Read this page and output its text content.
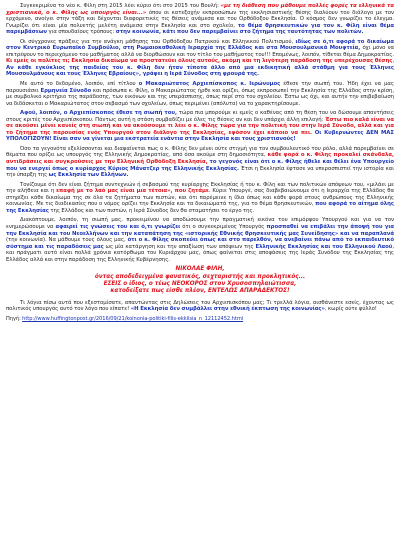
Συγκεκριμένα το νέο κ. Φίλη στη 2015 λέει κύριο ότι στο 2015 του Βουλή: «με τη διάθεση που μάθουμε πολλές φορές τα ελληνικά τα χριστιανικά, ο κ. Φίλης ως υπουργός είναι...» όπου οι κατεξοχήν εκπροσώπων της εκκλησιαστικής θέσης διαλύουν τον διάλογο με τον ερχόμενο, ανοίγει στην τάξη και δέχονται διαφορετικές τις θέσεις ανάμεσα και του Ορθόδοξου Εκκλησία. Ο κόσμος δεν γνωρίζει το έλεγμα. Γνωρίζει ότι είναι μία πολυετής μελέτη ανάμεσα στην Εκκλησία και στο σχολείο, το θέμα θρησκευτικών για τον κ. Φίλη είναι θέμα παρεμβάσεων για σπουδαίους τρόπους: στην κοινωνία, κάτι που δεν παρεμβαίνει στο ζήτημα της ταυτότητας των πολιτών.

Οι σύγχρονες πράξεις για την ανάγκη μάθησης του Ορθόδοξου Πατρικού και Ελληνικού Πολιτισμού, ιδίως σε ό,τι αφορά το δικαίωμα στον Κεντρικό Ευρωπαϊκό Συμβούλιο, στη Ρωμαιοκαθολική Ιεραρχία της Ελλάδος και στα Μουσουλμανικά Μουφτεία, όχι μόνο να επιτρέψουν το περιεχόμενο του μαθήματος αλλά να διορθώσουν και τον τίτλο του μαθήματος του!!! Επομένως, λοιπόν, τίθεται θέμα Δημοκρατίας. Κι εμείς οι πολίτες τι; Εκκλησία δικαίωμα να προστατεύει όλους αυτούς, ακόμη και τη λιγότερη παράδοση της υπερέχουσας θέσης, Αν κάθε εγκύκλιος της παιδείας του κ. Φίλη δεν ήταν τίποτα άλλο από μια εκδικητική αλλά στάθμη για τους Έλληνες Μουσουλμάνους και τους Έλληνες Εβραίους», γράφει η Ιερά Σύνοδος στη φρουρά της.

Με αυτό το δεδομένο, λοιπόν, επί τίτλου ο Μακαριώτατος Αρχιεπίσκοπος κ. Ιερώνυμος έθεσε την σιωπή του. Ήδη έχει να μας παρουσιάσει Ερμηνεία Σύνοδο και πρόσωπα κ. Φίλη, ο Μακαριώτατος ήρθε και ορίζει, όπως εκπροσωπεί την Εκκλησία της Ελλάδος στην κρίση, με συμβολικό κριτήριο της παράδοσης, των εικόνων και της υπεράσπισης, όπως περί στο του σχολείου. Έστω ως όχι, και αυτήν την επιβεβαίωση να διδάσκεται ο Μακαριώτατος στον σεβασμό των σχολείων, όπως περιμένει (απόλυτα) να το χαρακτηρίσουμε.

Αφού, λοιπόν, ο Αρχιεπίσκοπος έθεσε τη σιωπή του, τώρα πια μπορούμε κι εμείς ο καθένας από τη θέση του να δώσουμε απαντήσεις στους κριτές του Αρχιεπίσκοπου. Πάντως αυτή η στάση συμβαδίζει με όλες τις θέσεις αν και δεν υπάρχει άλλη επιλογή: Έστω πιο καλά είναι να σε ακούσει μένει κανείς στη σιωπή και να ακούσουμε τι λέει ο κ. Φίλης τώρα για την πολιτική του στην Ιερά Σύνοδο, αλλά και για το ζήτημα της παρουσίας ενός Υπουργού στον διάλογο της Εκκλησίας, εφόσον έχει κάποιο να πει. Οι Κυβερνώντες ΔΕΝ ΜΑΣ ΥΠΟΛΟΓΙΖΟΥΝ! Είναι σαν να γίνεται μια εκστρατεία ενάντια στην Εκκλησία και τους χριστιανούς!

Όσο τα γεγονότα εξελίσσονται και διαφαίνεται πως ο κ. Φίλης δεν μένει ούτε στιγμή για τον συμβουλευτικό του ρόλο, αλλά παρεμβαίνει σε θέματα που ορίζει ως υπουργός της Ελληνικής Δημοκρατίας, από όσα ακούμε στη δημοσιότητα, κάθε φορά ο κ. Φίλης προκαλεί σκάνδαλα, αντιδράσεις και συγκρούσεις με την Ελληνική Ορθόδοξη Εκκλησία, το γεγονός είναι ότι ο κ. Φίλης ήθελε και θέλει ένα Υπουργείο που να ενεργεί όπως ο κυρίαρχος Κύριος Μάνατζερ της Ελληνικής Εκκλησίας. Έτσι η Εκκλησία έφτασε να υπερασπιστεί την ιστορία και την ύπαρξη της ως Εκκλησία των Ελλήνων.

Τονίζουμε ότι δεν είναι ζήτημα συντεχνιών ή σεβασμού της κυρίαρχης Εκκλησίας ή του κ. Φίλη και των πολιτικών απόψεων του, «μιλάει με την αλήθεια και η επαφή με το λαό μας είναι μια τέτοια», που ζητάμε. Κύριε Υπουργέ, σας διαβεβαιώνουμε ότι η Ιεραρχία της Ελλάδος θα στηρίξει κάθε δικαίωμα της σε όλα τα ζητήματα των πιστών, και ότι παρέμεινε η ίδια όπως και κάθε φορά στους ανθρώπους της Ελληνικής κοινωνίας. Με τις διαδικασίες που ο νόμος ορίζει την Εκκλησία και τα δικαιώματά της, για το θέμα θρησκευτικών, που αφορά το αίτημα όλης της Εκκλησίας της Ελλάδος και των πιστών, η Ιερά Σύνοδος δεν θα σταματήσει το έργο της.

Διακόπτουμε, λοιπόν, τη σιωπή μας, προκειμένου να αποδώσουμε την πραγματική εικόνα του επιμόρφου Υπουργού και για να τον ενημερώσουμε να αφαιρεί τις γνώσεις του και ό,τι γνωρίζει ότι ο συγκεκριμένος Υπουργός προσπαθεί να επιβάλει την άποψή του για την Εκκλησία και του Νεοελλήνων και την καταπάτηση της «ιστορικής Εθνικής θρησκευτικής μας Συνείδησης» και να παραπλανά (την κοινωνία). Να μάθουμε τους όλους μας, ότι ο κ. Φίλης σκοπεύει όπως και στο παρελθόν, να ανεβαίνει πάνω από το εκπαιδευτικό σύστημα και τις παραδόσεις μας ως μία κατάργηση και την απαξίωση των απόψεων της Ελληνικής Εκκλησίας και του Ελληνικού Λαού, και πράγματι αυτό είναι πολλά χρόνια κατόρθωμα του Κυριάρχου μας, όπως φαίνεται στις αποφάσεις της Ιεράς Συνόδου της Εκκλησίας της Ελλάδος αλλά και στην παράδοση της Ελληνικής Κυβέρνησης.

ΝΙΚΟΛΑΕ ΦΙΛΗ,
όντας αποδεδειγμένα φανατικός, σεχταριστής και προκλητικός...
ΕΣΕΙΣ ο ίδιος, ο τέως ΝΕΟΚΟΡΟΣ στον Χρυσοσπηλαιώτισσα,
κατοδείξατε πως είσθε πλέον, ΕΝΤΕΛΩΣ ΑΠΑΡΑΔΕΚΤΟΣ!

Τι λόγια πίσω αυτά που εξεστομίσατε, απαντώντας στις Δηλώσεις του Αρχιεπισκόπου μας; Τι τρελλά λόγια, αισθάνεστε εσείς, έχοντας ως πολιτικός υπουργός αυτό τον λόγο που είπατε! «Η Εκκλησία δεν συμβάλλει στην εθνική έκπτωση της κοινωνίας», κωρίς ούτε φύλλο!

Πηγή: http://www.huffingtonpost.gr/2016/09/21/koinonia-politiki-filis-ekklisia_n_12112452.html
